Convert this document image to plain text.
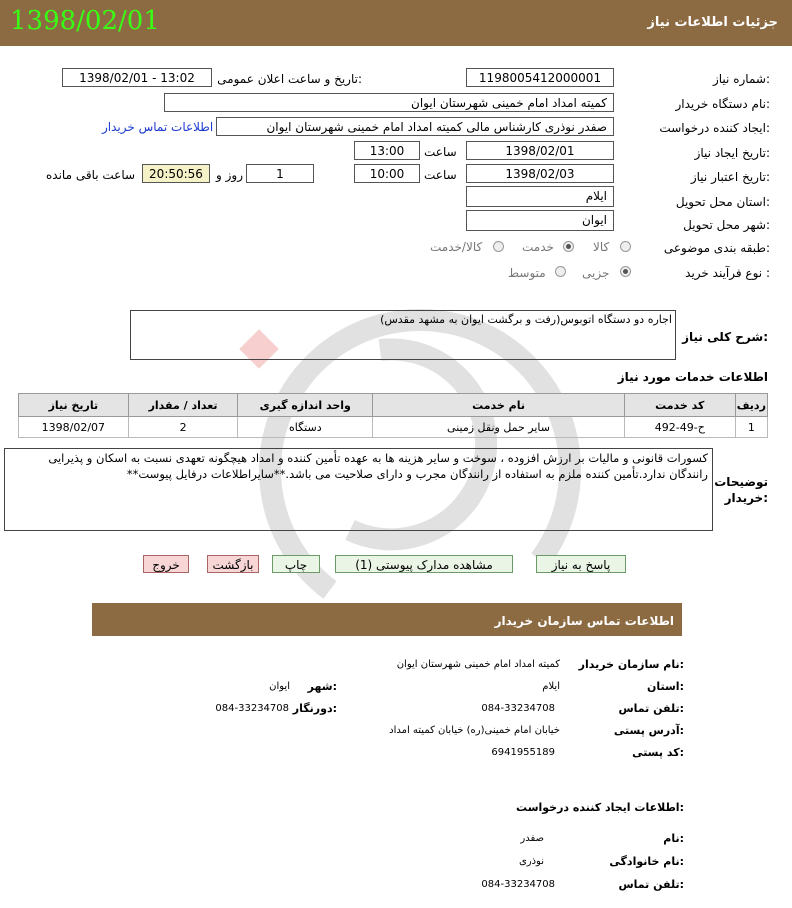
جزئیات اطلاعات نیاز
1398/02/01
شماره نیاز:
1198005412000001
تاریخ و ساعت اعلان عمومی:
1398/02/01 - 13:02
نام دستگاه خریدار:
کمیته امداد امام خمینی شهرستان ایوان
ایجاد کننده درخواست:
صفدر نوذری کارشناس مالی کمیته امداد امام خمینی شهرستان ایوان
اطلاعات تماس خریدار
تاریخ ایجاد نیاز:
1398/02/01
ساعت
13:00
تاریخ اعتبار نیاز:
1398/02/03
ساعت
10:00
1
روز و
20:50:56
ساعت باقی مانده
استان محل تحویل:
ایلام
شهر محل تحویل:
ایوان
طبقه بندی موضوعی:
کالا
خدمت
کالا/خدمت
نوع فرآیند خرید :
جزیی
متوسط
شرح کلی نیاز:
اجاره دو دستگاه اتوبوس(رفت و برگشت ایوان به مشهد مقدس)
اطلاعات خدمات مورد نیاز
ردیف	کد خدمت	نام خدمت	واحد اندازه گیری	تعداد / مقدار	تاریخ نیاز
1	ح-49-492	سایر حمل ونقل زمینی	دستگاه	2	1398/02/07
کسورات قانونی و مالیات بر ارزش افزوده ، سوخت و سایر هزینه ها به عهده تأمین کننده و امداد هیچگونه تعهدی نسبت به اسکان و پذیرایی رانندگان ندارد.تأمین کننده ملزم به استفاده از رانندگان مجرب و دارای صلاحیت می باشد.**سایراطلاعات درفایل پیوست**
توضیحات خریدار:
پاسخ به نیاز
مشاهده مدارک پیوستی (1)
چاپ
بازگشت
خروج
اطلاعات تماس سازمان خریدار
نام سازمان خریدار:
کمیته امداد امام خمینی شهرستان ایوان
استان:
ایلام
شهر:
ایوان
تلفن تماس:
084-33234708
دورنگار:
084-33234708
آدرس پستی:
خیابان امام خمینی(ره) خیابان کمیته امداد
کد پستی:
6941955189
اطلاعات ایجاد کننده درخواست:
نام:
صفدر
نام خانوادگی:
نوذری
تلفن تماس:
084-33234708
